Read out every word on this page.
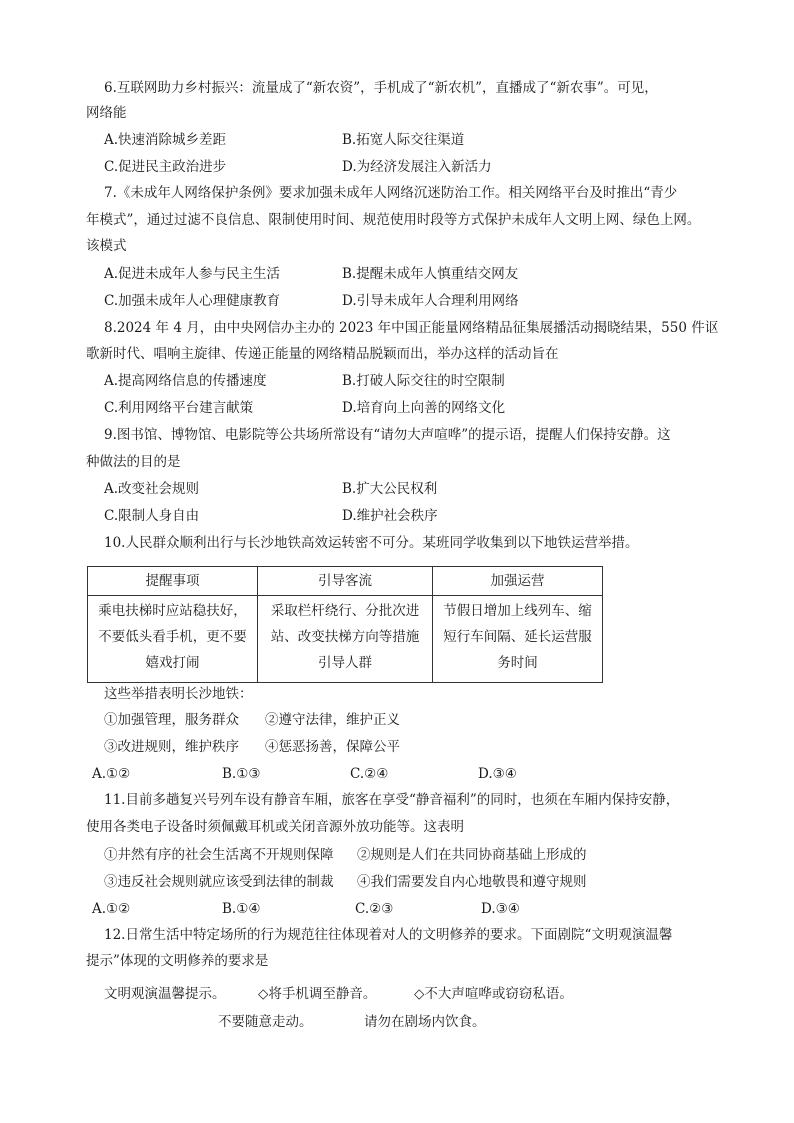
6.互联网助力乡村振兴：流量成了“新农资”，手机成了“新农机”，直播成了“新农事”。可见，
网络能
A.快速消除城乡差距	B.拓宽人际交往渠道
C.促进民主政治进步	D.为经济发展注入新活力
7.《未成年人网络保护条例》要求加强未成年人网络沉迷防治工作。相关网络平台及时推出“青少
年模式”，通过过滤不良信息、限制使用时间、规范使用时段等方式保护未成年人文明上网、绿色上网。
该模式
A.促进未成年人参与民主生活	B.提醒未成年人慎重结交网友
C.加强未成年人心理健康教育	D.引导未成年人合理利用网络
8.2024 年 4 月，由中央网信办主办的 2023 年中国正能量网络精品征集展播活动揭晓结果，550 件讴
歌新时代、唱响主旋律、传递正能量的网络精品脱颖而出，举办这样的活动旨在
A.提高网络信息的传播速度	B.打破人际交往的时空限制
C.利用网络平台建言献策	D.培育向上向善的网络文化
9.图书馆、博物馆、电影院等公共场所常设有“请勿大声喧哗”的提示语，提醒人们保持安静。这
种做法的目的是
A.改变社会规则	B.扩大公民权利
C.限制人身自由	D.维护社会秩序
10.人民群众顺利出行与长沙地铁高效运转密不可分。某班同学收集到以下地铁运营举措。
提醒事项	引导客流	加强运营
乘电扶梯时应站稳扶好，不要低头看手机，更不要嬉戏打闹	采取栏杆绕行、分批次进站、改变扶梯方向等措施引导人群	节假日增加上线列车、缩短行车间隔、延长运营服务时间
这些举措表明长沙地铁：
①加强管理，服务群众 ②遵守法律，维护正义
③改进规则，维护秩序 ④惩恶扬善，保障公平
A.①②	B.①③	C.②④	D.③④
11.目前多趟复兴号列车设有静音车厢，旅客在享受“静音福利”的同时，也须在车厢内保持安静，
使用各类电子设备时须佩戴耳机或关闭音源外放功能等。这表明
①井然有序的社会生活离不开规则保障 ②规则是人们在共同协商基础上形成的
③违反社会规则就应该受到法律的制裁 ④我们需要发自内心地敬畏和遵守规则
A.①②	B.①④	C.②③	D.③④
12.日常生活中特定场所的行为规范往往体现着对人的文明修养的要求。下面剧院“文明观演温馨
提示”体现的文明修养的要求是
文明观演温馨提示。 ◇将手机调至静音。	◇不大声喧哗或窃窃私语。
不要随意走动。	请勿在剧场内饮食。
